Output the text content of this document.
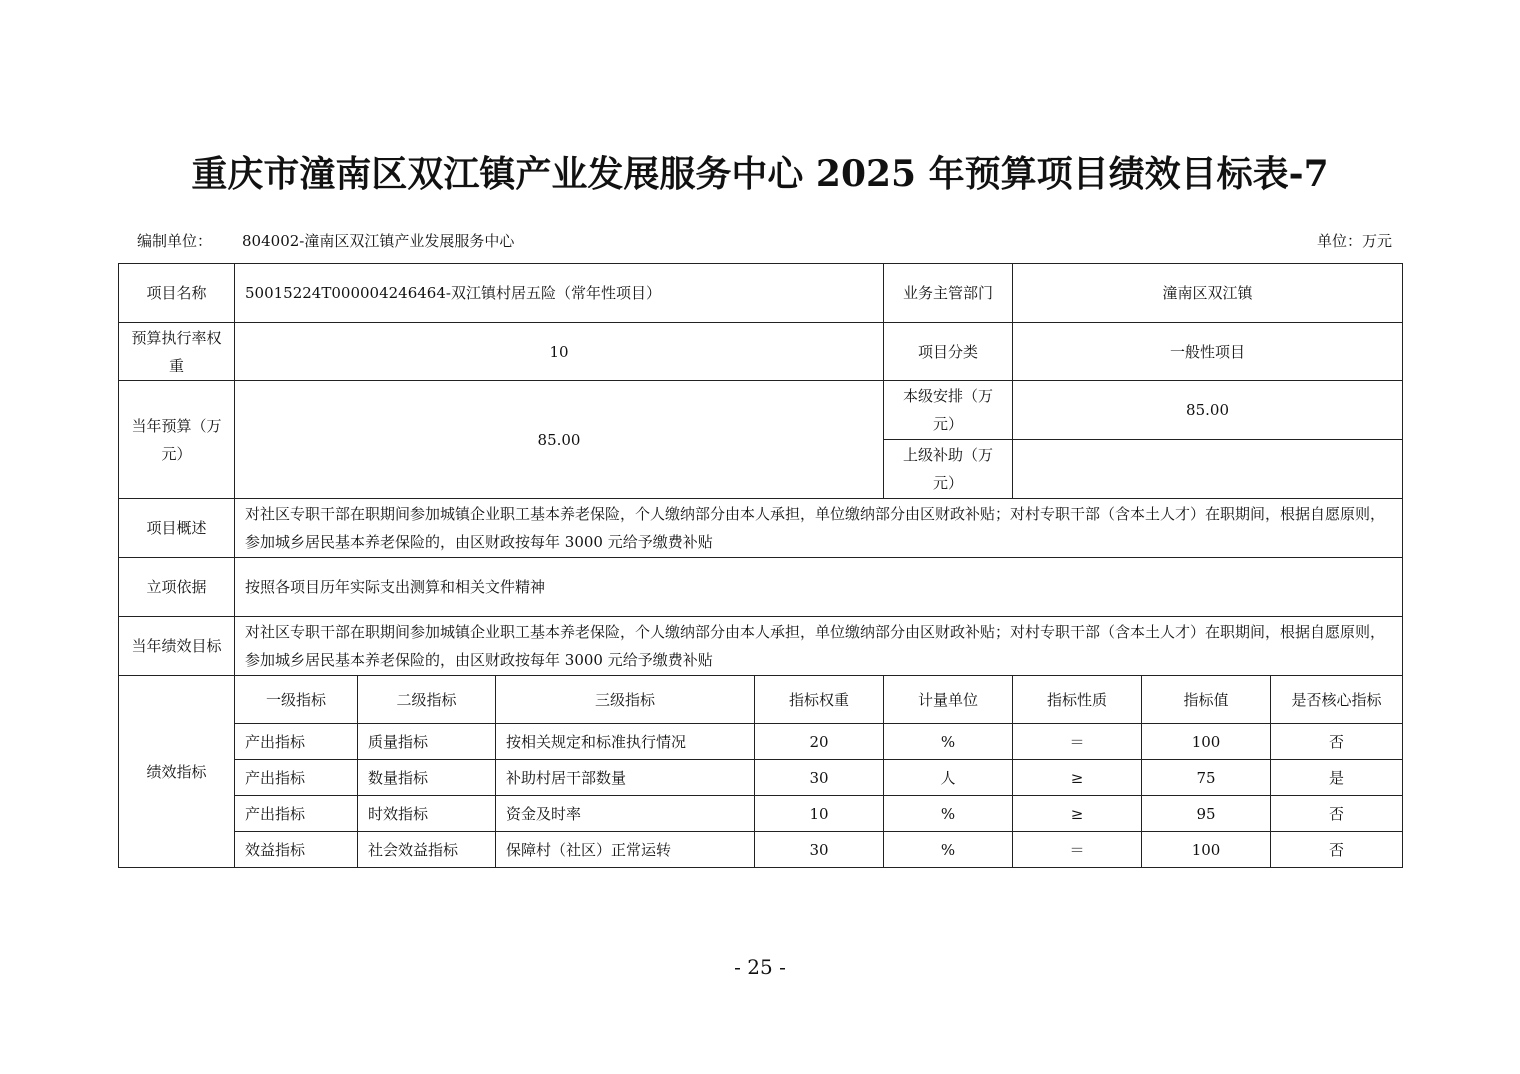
重庆市潼南区双江镇产业发展服务中心 2025 年预算项目绩效目标表-7
编制单位： 804002-潼南区双江镇产业发展服务中心	单位：万元
项目名称	50015224T000004246464-双江镇村居五险（常年性项目）				业务主管部门	潼南区双江镇		
预算执行率权重	10				项目分类	一般性项目		
当年预算（万元）	85.00				本级安排（万元）	85.00		
					上级补助（万元）			
项目概述	对社区专职干部在职期间参加城镇企业职工基本养老保险，个人缴纳部分由本人承担，单位缴纳部分由区财政补贴；对村专职干部（含本土人才）在职期间，根据自愿原则，参加城乡居民基本养老保险的，由区财政按每年 3000 元给予缴费补贴							
立项依据	按照各项目历年实际支出测算和相关文件精神							
当年绩效目标	对社区专职干部在职期间参加城镇企业职工基本养老保险，个人缴纳部分由本人承担，单位缴纳部分由区财政补贴；对村专职干部（含本土人才）在职期间，根据自愿原则，参加城乡居民基本养老保险的，由区财政按每年 3000 元给予缴费补贴							
绩效指标	一级指标	二级指标	三级指标	指标权重	计量单位	指标性质	指标值	是否核心指标
	产出指标	质量指标	按相关规定和标准执行情况	20	%	＝	100	否
	产出指标	数量指标	补助村居干部数量	30	人	≥	75	是
	产出指标	时效指标	资金及时率	10	%	≥	95	否
	效益指标	社会效益指标	保障村（社区）正常运转	30	%	＝	100	否
- 25 -
